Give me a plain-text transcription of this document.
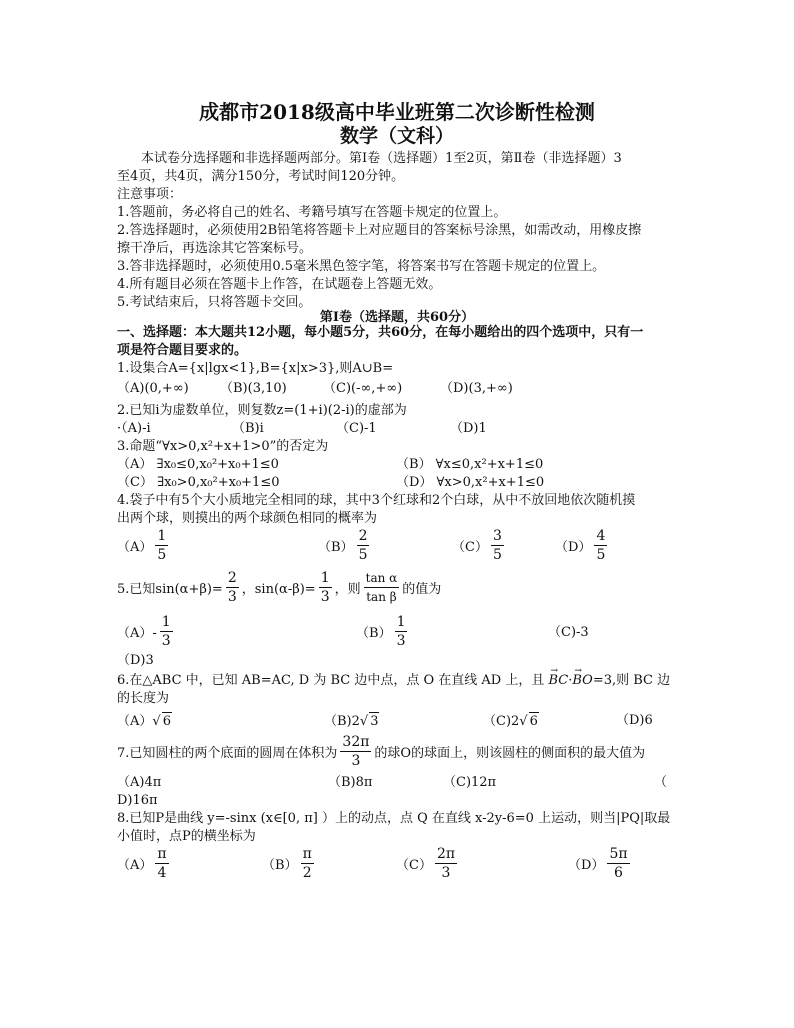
成都市2018级高中毕业班第二次诊断性检测
数学（文科）
本试卷分选择题和非选择题两部分。第Ⅰ卷（选择题）1至2页，第Ⅱ卷（非选择题）3
至4页，共4页，满分150分，考试时间120分钟。
注意事项：
1.答题前，务必将自己的姓名、考籍号填写在答题卡规定的位置上。
2.答选择题时，必须使用2B铅笔将答题卡上对应题目的答案标号涂黑，如需改动，用橡皮擦
擦干净后，再选涂其它答案标号。
3.答非选择题时，必须使用0.5毫米黑色签字笔，将答案书写在答题卡规定的位置上。
4.所有题目必须在答题卡上作答，在试题卷上答题无效。
5.考试结束后，只将答题卡交回。
第Ⅰ卷（选择题，共60分）
一、选择题：本大题共12小题，每小题5分，共60分，在每小题给出的四个选项中，只有一
项是符合题目要求的。
1.设集合A={x|lgx<1},B={x|x>3},则A∪B=
（A)(0,+∞) （B)(3,10)	（C)(-∞,+∞)	（D)(3,+∞)
2.已知i为虚数单位，则复数z=(1+i)(2-i)的虚部为
·（A)-i	（B)i	（C)-1	（D)1
3.命题“∀x>0,x²+x+1>0”的否定为
（A） ∃x₀≤0,x₀²+x₀+1≤0	（B） ∀x≤0,x²+x+1≤0
（C） ∃x₀>0,x₀²+x₀+1≤0	（D） ∀x>0,x²+x+1≤0
4.袋子中有5个大小质地完全相同的球，其中3个红球和2个白球，从中不放回地依次随机摸
出两个球，则摸出的两个球颜色相同的概率为
$(A) \frac{1}{5}$	$(B) \frac{2}{5}$	$(C) \frac{3}{5}$	$(D) \frac{4}{5}$
5.已知$\sin(\alpha+\beta)= \frac{2}{3}$ ，$\sin(\alpha-\beta)= \frac{1}{3}$ ，则 $\frac{\text{tan α}}{\text{tan β}}$ 的值为
$(A)- \frac{1}{3}$	$(B) \frac{1}{3}$	（C)-3
（D)3
6.在△ABC 中，已知 AB=AC, D 为 BC 边中点，点 O 在直线 AD 上，且 → BC·→ BO=3,则 BC 边
的长度为
（A）√ 6	（B)2√ 3	（C)2√ 6	（D)6
7.已知圆柱的两个底面的圆周在体积为 $\frac{32\pi}{3}$ 的球O的球面上，则该圆柱的侧面积的最大值为
（A)4π	（B)8π	（C)12π	（
D)16π
8.已知P是曲线 y=-sinx (x∈[0, π] ）上的动点，点 Q 在直线 x-2y-6=0 上运动，则当|PQ|取最
小值时，点P的横坐标为
$(A) \frac{\pi}{4}$	$(B) \frac{\pi}{2}$	$(C) \frac{2\pi}{3}$	$(D) \frac{5\pi}{6}$
